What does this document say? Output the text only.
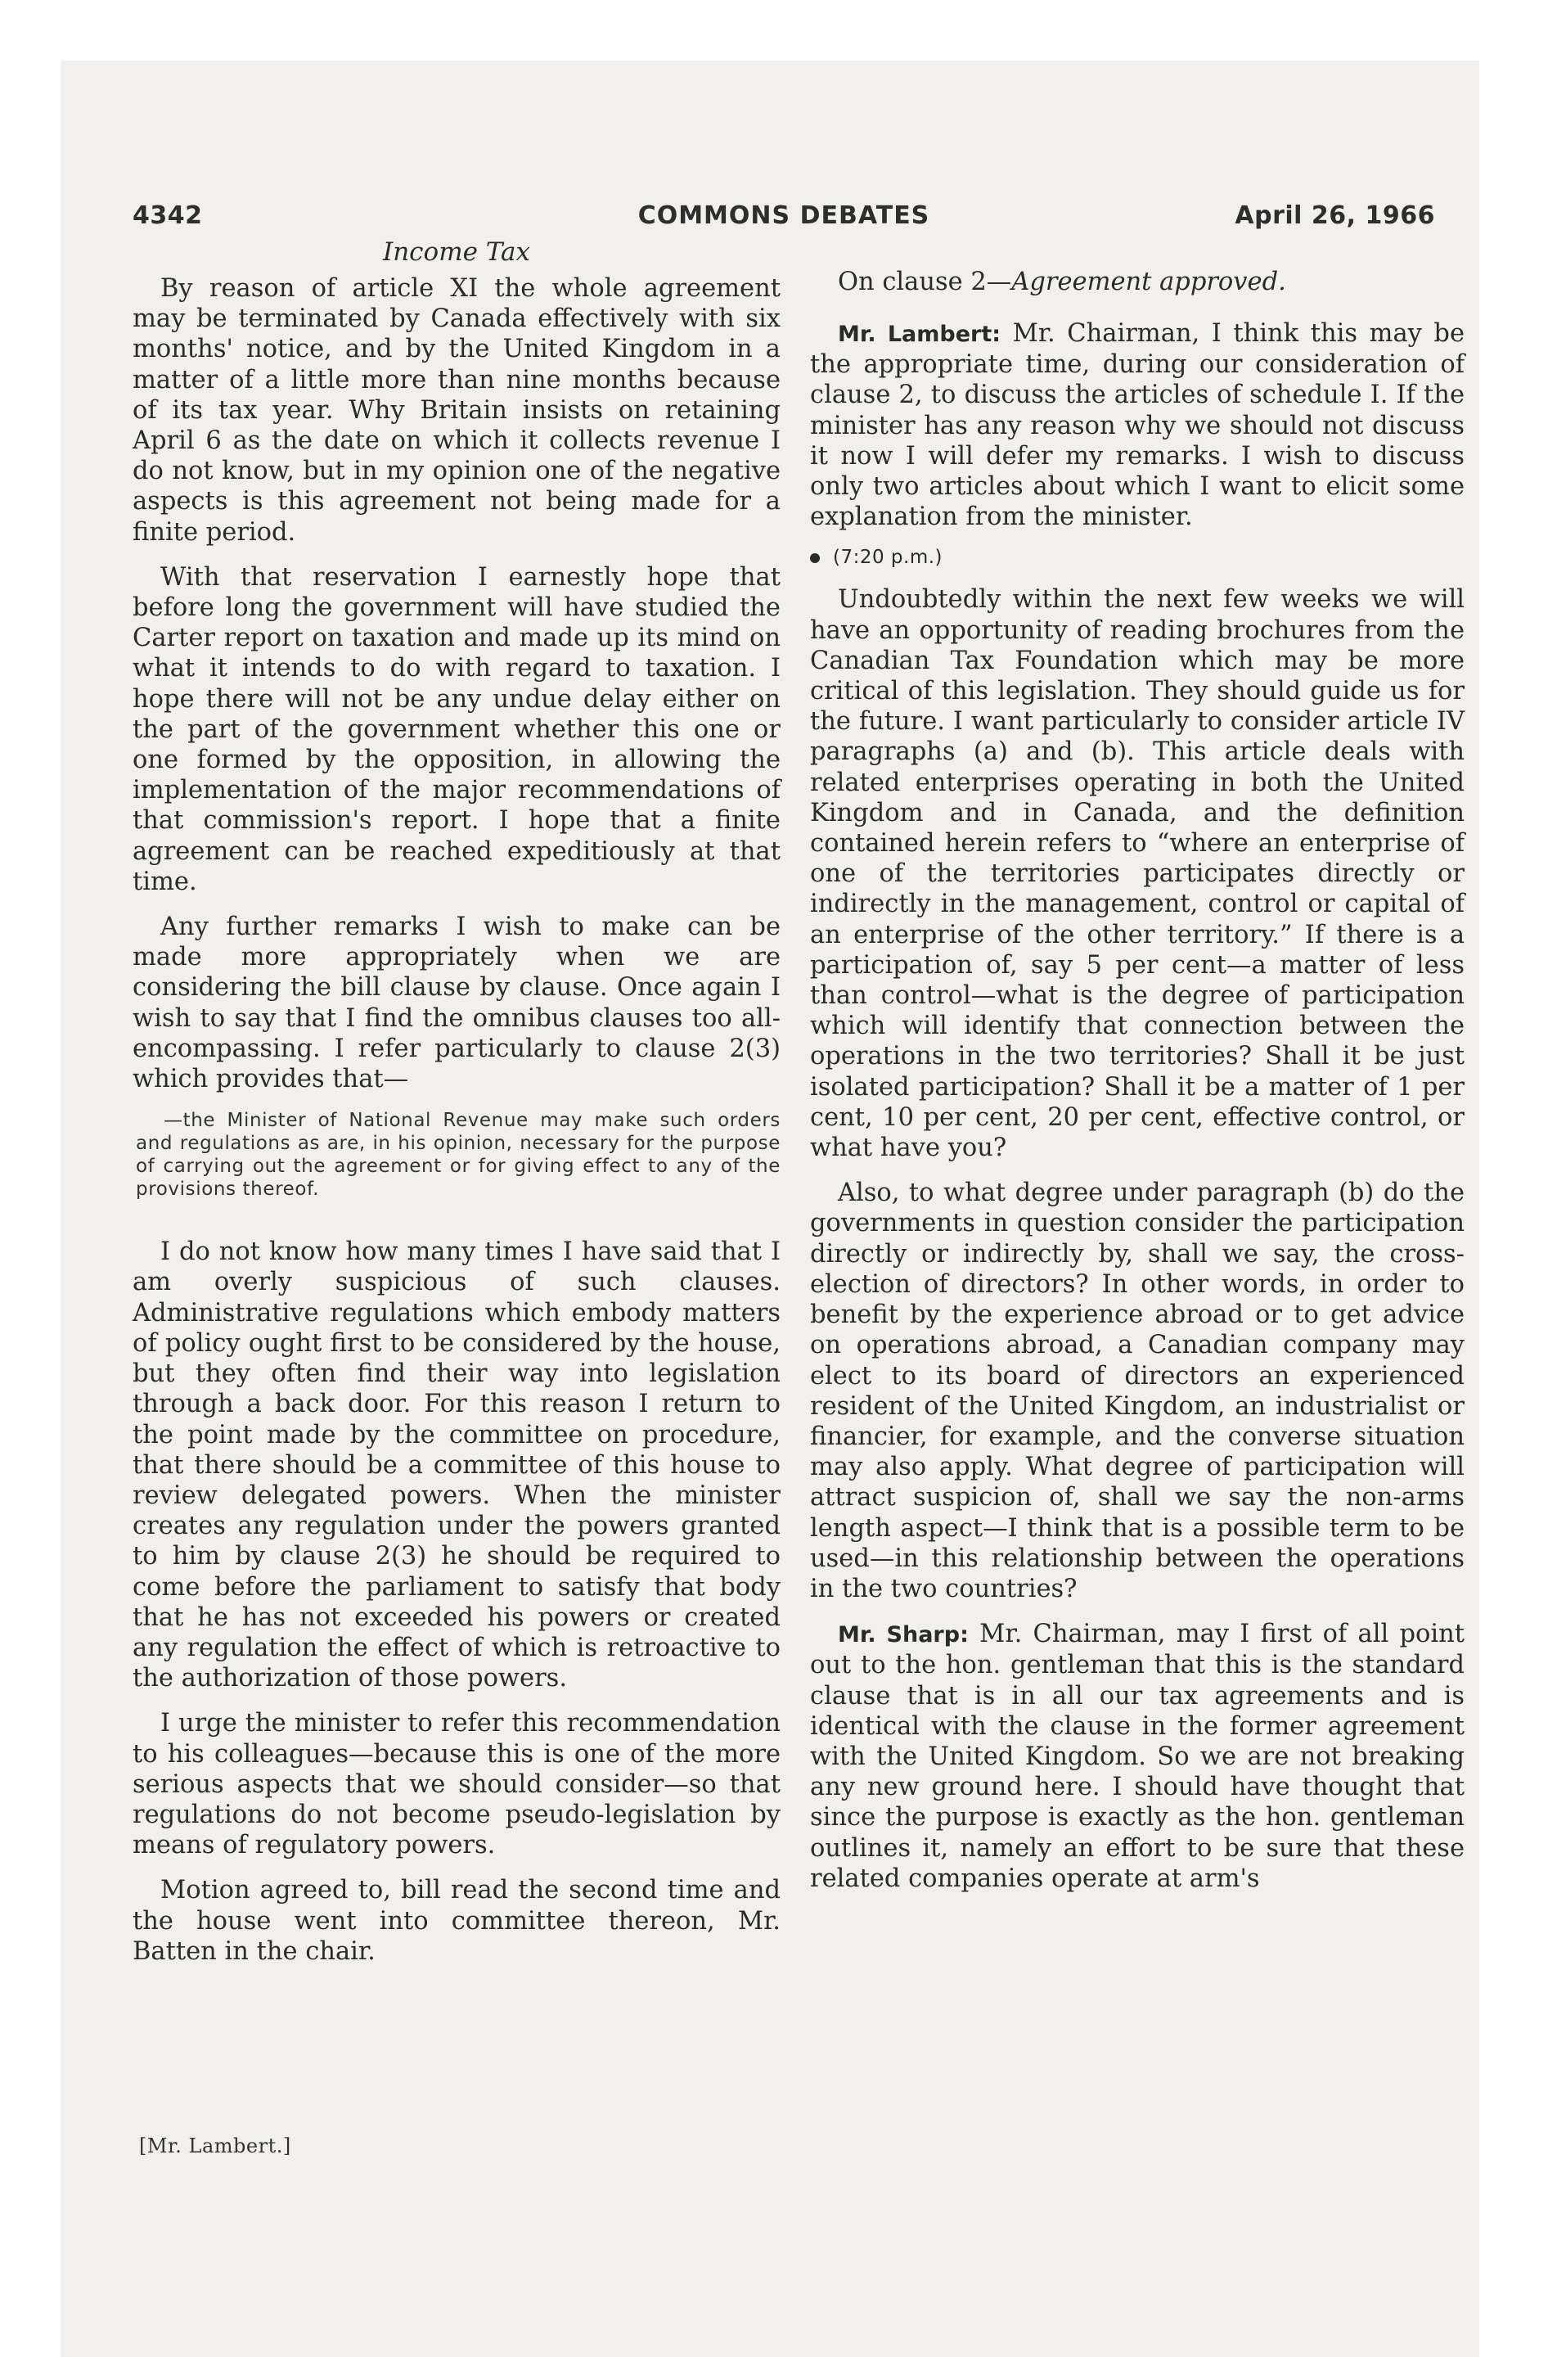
COMMONS DEBATES
4342	April 26, 1966
Income Tax

By reason of article XI the whole agreement may be terminated by Canada effectively with six months' notice, and by the United Kingdom in a matter of a little more than nine months because of its tax year. Why Britain insists on retaining April 6 as the date on which it collects revenue I do not know, but in my opinion one of the negative aspects is this agreement not being made for a finite period.

With that reservation I earnestly hope that before long the government will have studied the Carter report on taxation and made up its mind on what it intends to do with regard to taxation. I hope there will not be any undue delay either on the part of the government whether this one or one formed by the opposition, in allowing the implementation of the major recommendations of that commission's report. I hope that a finite agreement can be reached expeditiously at that time.

Any further remarks I wish to make can be made more appropriately when we are considering the bill clause by clause. Once again I wish to say that I find the omnibus clauses too all-encompassing. I refer particularly to clause 2(3) which provides that—

—the Minister of National Revenue may make such orders and regulations as are, in his opinion, necessary for the purpose of carrying out the agreement or for giving effect to any of the provisions thereof.

I do not know how many times I have said that I am overly suspicious of such clauses. Administrative regulations which embody matters of policy ought first to be considered by the house, but they often find their way into legislation through a back door. For this reason I return to the point made by the committee on procedure, that there should be a committee of this house to review delegated powers. When the minister creates any regulation under the powers granted to him by clause 2(3) he should be required to come before the parliament to satisfy that body that he has not exceeded his powers or created any regulation the effect of which is retroactive to the authorization of those powers.

I urge the minister to refer this recommendation to his colleagues—because this is one of the more serious aspects that we should consider—so that regulations do not become pseudo-legislation by means of regulatory powers.

Motion agreed to, bill read the second time and the house went into committee thereon, Mr. Batten in the chair.

On clause 2—Agreement approved.

Mr. Lambert: Mr. Chairman, I think this may be the appropriate time, during our consideration of clause 2, to discuss the articles of schedule I. If the minister has any reason why we should not discuss it now I will defer my remarks. I wish to discuss only two articles about which I want to elicit some explanation from the minister.

(7:20 p.m.)

Undoubtedly within the next few weeks we will have an opportunity of reading brochures from the Canadian Tax Foundation which may be more critical of this legislation. They should guide us for the future. I want particularly to consider article IV paragraphs (a) and (b). This article deals with related enterprises operating in both the United Kingdom and in Canada, and the definition contained herein refers to “where an enterprise of one of the territories participates directly or indirectly in the management, control or capital of an enterprise of the other territory.” If there is a participation of, say 5 per cent—a matter of less than control—what is the degree of participation which will identify that connection between the operations in the two territories? Shall it be just isolated participation? Shall it be a matter of 1 per cent, 10 per cent, 20 per cent, effective control, or what have you?

Also, to what degree under paragraph (b) do the governments in question consider the participation directly or indirectly by, shall we say, the cross-election of directors? In other words, in order to benefit by the experience abroad or to get advice on operations abroad, a Canadian company may elect to its board of directors an experienced resident of the United Kingdom, an industrialist or financier, for example, and the converse situation may also apply. What degree of participation will attract suspicion of, shall we say the non-arms length aspect—I think that is a possible term to be used—in this relationship between the operations in the two countries?

Mr. Sharp: Mr. Chairman, may I first of all point out to the hon. gentleman that this is the standard clause that is in all our tax agreements and is identical with the clause in the former agreement with the United Kingdom. So we are not breaking any new ground here. I should have thought that since the purpose is exactly as the hon. gentleman outlines it, namely an effort to be sure that these related companies operate at arm's

[Mr. Lambert.]
